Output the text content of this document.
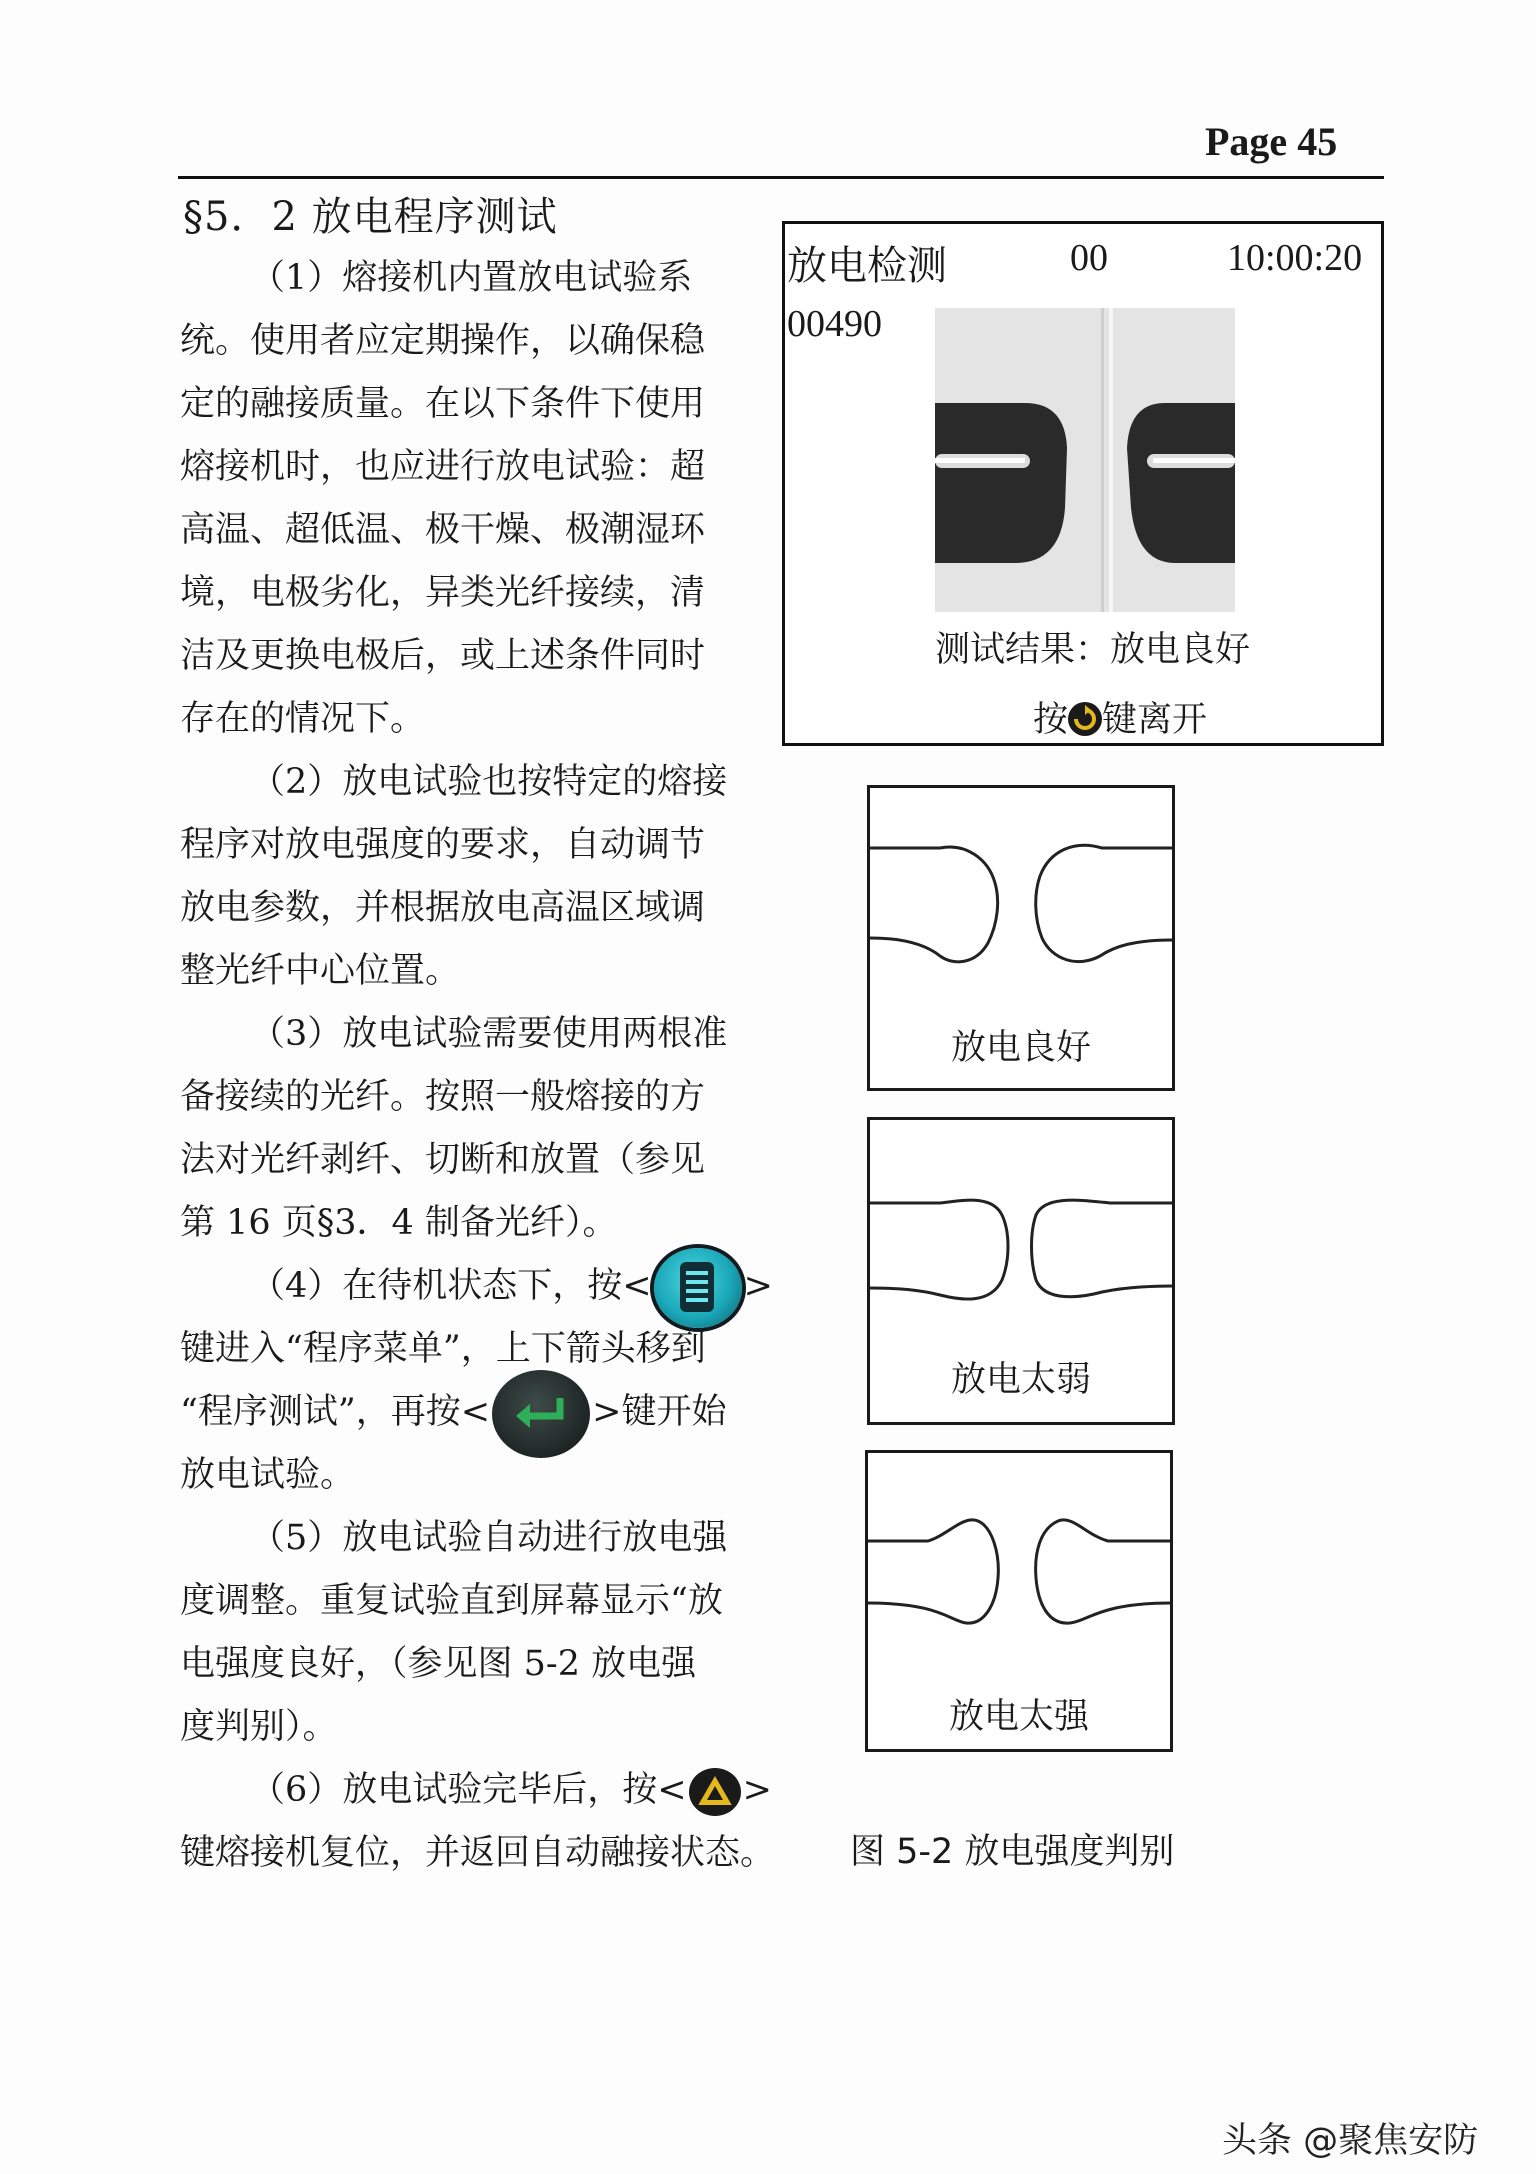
Page 45
§5．2 放电程序测试
（1）熔接机内置放电试验系
统。使用者应定期操作，以确保稳
定的融接质量。在以下条件下使用
熔接机时，也应进行放电试验：超
高温、超低温、极干燥、极潮湿环
境，电极劣化，异类光纤接续，清
洁及更换电极后，或上述条件同时
存在的情况下。
（2）放电试验也按特定的熔接
程序对放电强度的要求，自动调节
放电参数，并根据放电高温区域调
整光纤中心位置。
（3）放电试验需要使用两根准
备接续的光纤。按照一般熔接的方
法对光纤剥纤、切断和放置（参见
第 16 页§3．4 制备光纤）。
（4）在待机状态下，按<	>
键进入“程序菜单”，上下箭头移到
“程序测试”，再按<	>键开始
放电试验。
（5）放电试验自动进行放电强
度调整。重复试验直到屏幕显示“放
电强度良好，（参见图 5-2 放电强
度判别）。
（6）放电试验完毕后，按< >
键熔接机复位，并返回自动融接状态。
放电检测	00	10:00:20
00490
测试结果：放电良好
按 键离开
放电良好
放电太弱
放电太强
图 5-2 放电强度判别
头条 @聚焦安防
